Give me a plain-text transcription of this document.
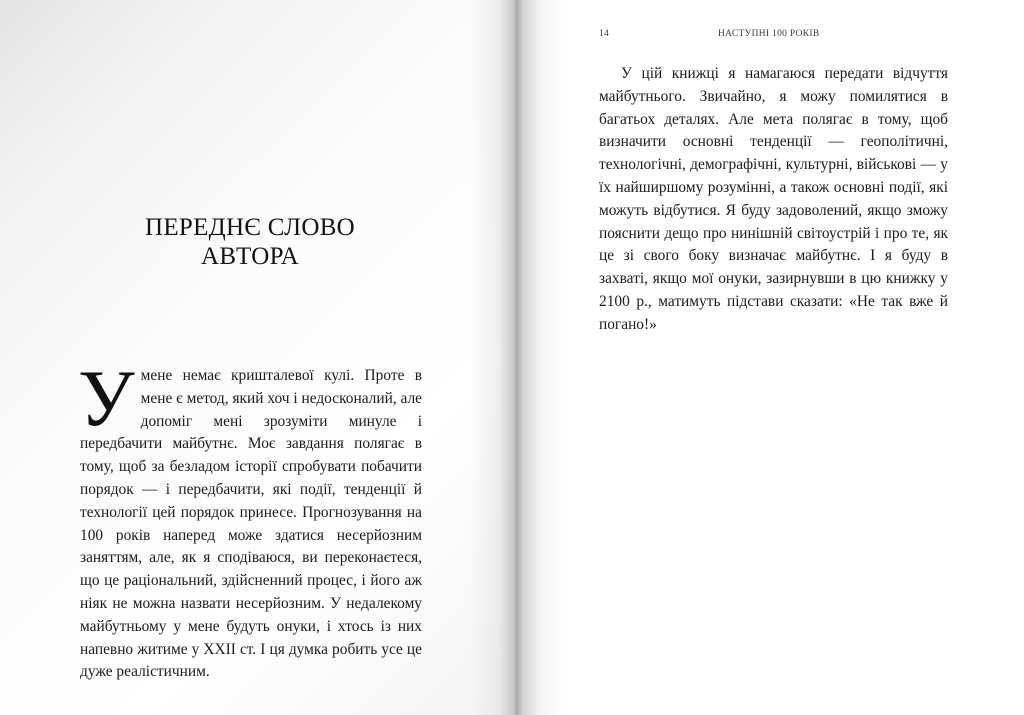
ПЕРЕДНЄ СЛОВО
АВТОРА

У мене немає кришталевої кулі. Проте в мене є метод, який хоч і недосконалий, але допоміг мені зрозуміти минуле і передбачити майбутнє. Моє завдання полягає в тому, щоб за безладом історії спробувати побачити порядок — і передбачити, які події, тенденції й технології цей порядок принесе. Прогнозування на 100 років наперед може здатися несерйозним заняттям, але, як я сподіваюся, ви переконаєтеся, що це раціональний, здійсненний процес, і його аж ніяк не можна назвати несерйозним. У недалекому майбутньому у мене будуть онуки, і хтось із них напевно житиме у XXII ст. І ця думка робить усе це дуже реалістичним.

14	НАСТУПНІ 100 РОКІВ

У цій книжці я намагаюся передати відчуття майбутнього. Звичайно, я можу помилятися в багатьох деталях. Але мета полягає в тому, щоб визначити основні тенденції — геополітичні, технологічні, демографічні, культурні, військові — у їх найширшому розумінні, а також основні події, які можуть відбутися. Я буду задоволений, якщо зможу пояснити дещо про нинішній світоустрій і про те, як це зі свого боку визначає майбутнє. І я буду в захваті, якщо мої онуки, зазирнувши в цю книжку у 2100 р., матимуть підстави сказати: «Не так вже й погано!»
